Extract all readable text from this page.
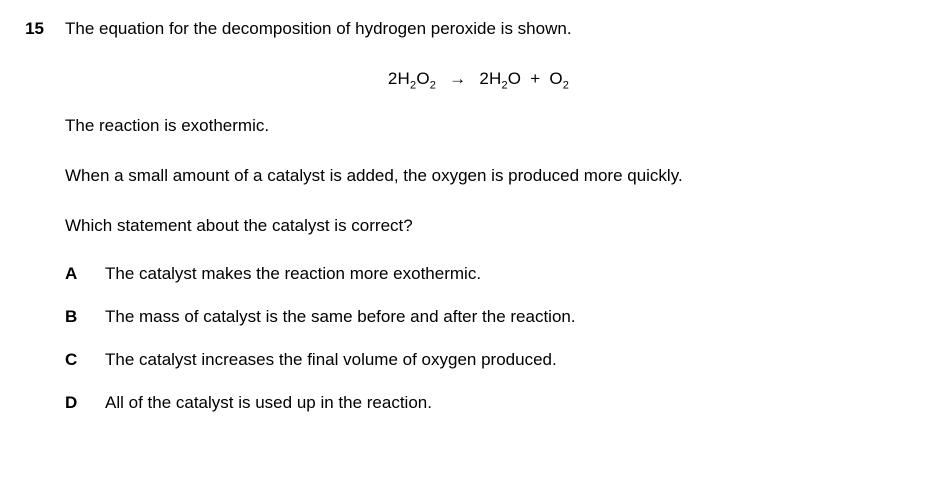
15 The equation for the decomposition of hydrogen peroxide is shown.
$2H_2O_2 \to 2H_2O + O_2$
The reaction is exothermic.
When a small amount of a catalyst is added, the oxygen is produced more quickly.
Which statement about the catalyst is correct?
A	The catalyst makes the reaction more exothermic.
B	The mass of catalyst is the same before and after the reaction.
C	The catalyst increases the final volume of oxygen produced.
D	All of the catalyst is used up in the reaction.
